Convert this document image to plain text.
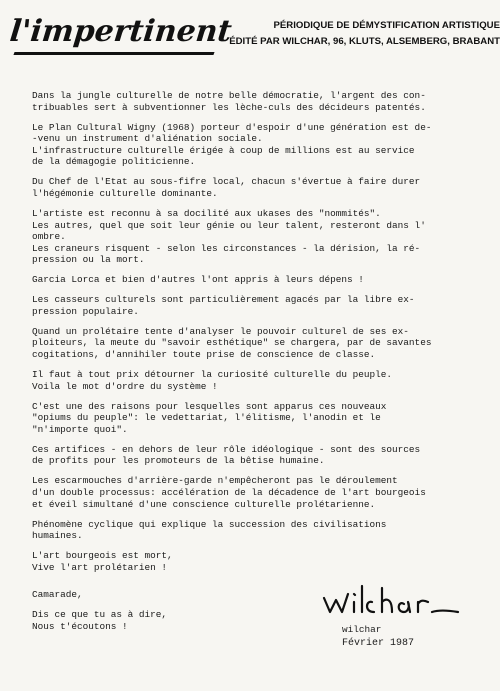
l'impertinent	PÉRIODIQUE DE DÉMYSTIFICATION ARTISTIQUE
ÉDITÉ PAR WILCHAR, 96, KLUTS, ALSEMBERG, BRABANT

Dans la jungle culturelle de notre belle démocratie, l'argent des con-
tribuables sert à subventionner les lèche-culs des décideurs patentés.

Le Plan Cultural Wigny (1968) porteur d'espoir d'une génération est de-
-venu un instrument d'aliénation sociale.
L'infrastructure culturelle érigée à coup de millions est au service
de la démagogie politicienne.

Du Chef de l'Etat au sous-fifre local, chacun s'évertue à faire durer
l'hégémonie culturelle dominante.

L'artiste est reconnu à sa docilité aux ukases des "nommités".
Les autres, quel que soit leur génie ou leur talent, resteront dans l'
ombre.
Les craneurs risquent - selon les circonstances - la dérision, la ré-
pression ou la mort.

Garcia Lorca et bien d'autres l'ont appris à leurs dépens !

Les casseurs culturels sont particulièrement agacés par la libre ex-
pression populaire.

Quand un prolétaire tente d'analyser le pouvoir culturel de ses ex-
ploiteurs, la meute du "savoir esthétique" se chargera, par de savantes
cogitations, d'annihiler toute prise de conscience de classe.

Il faut à tout prix détourner la curiosité culturelle du peuple.
Voila le mot d'ordre du système !

C'est une des raisons pour lesquelles sont apparus ces nouveaux
"opiums du peuple": le vedettariat, l'élitisme, l'anodin et le
"n'importe quoi".

Ces artifices - en dehors de leur rôle idéologique - sont des sources
de profits pour les promoteurs de la bêtise humaine.

Les escarmouches d'arrière-garde n'empêcheront pas le déroulement
d'un double processus: accélération de la décadence de l'art bourgeois
et éveil simultané d'une conscience culturelle prolétarienne.

Phénomène cyclique qui explique la succession des civilisations
humaines.

L'art bourgeois est mort,
Vive l'art prolétarien !

Camarade,

Dis ce que tu as à dire,
Nous t'écoutons !	wilchar
Février 1987
